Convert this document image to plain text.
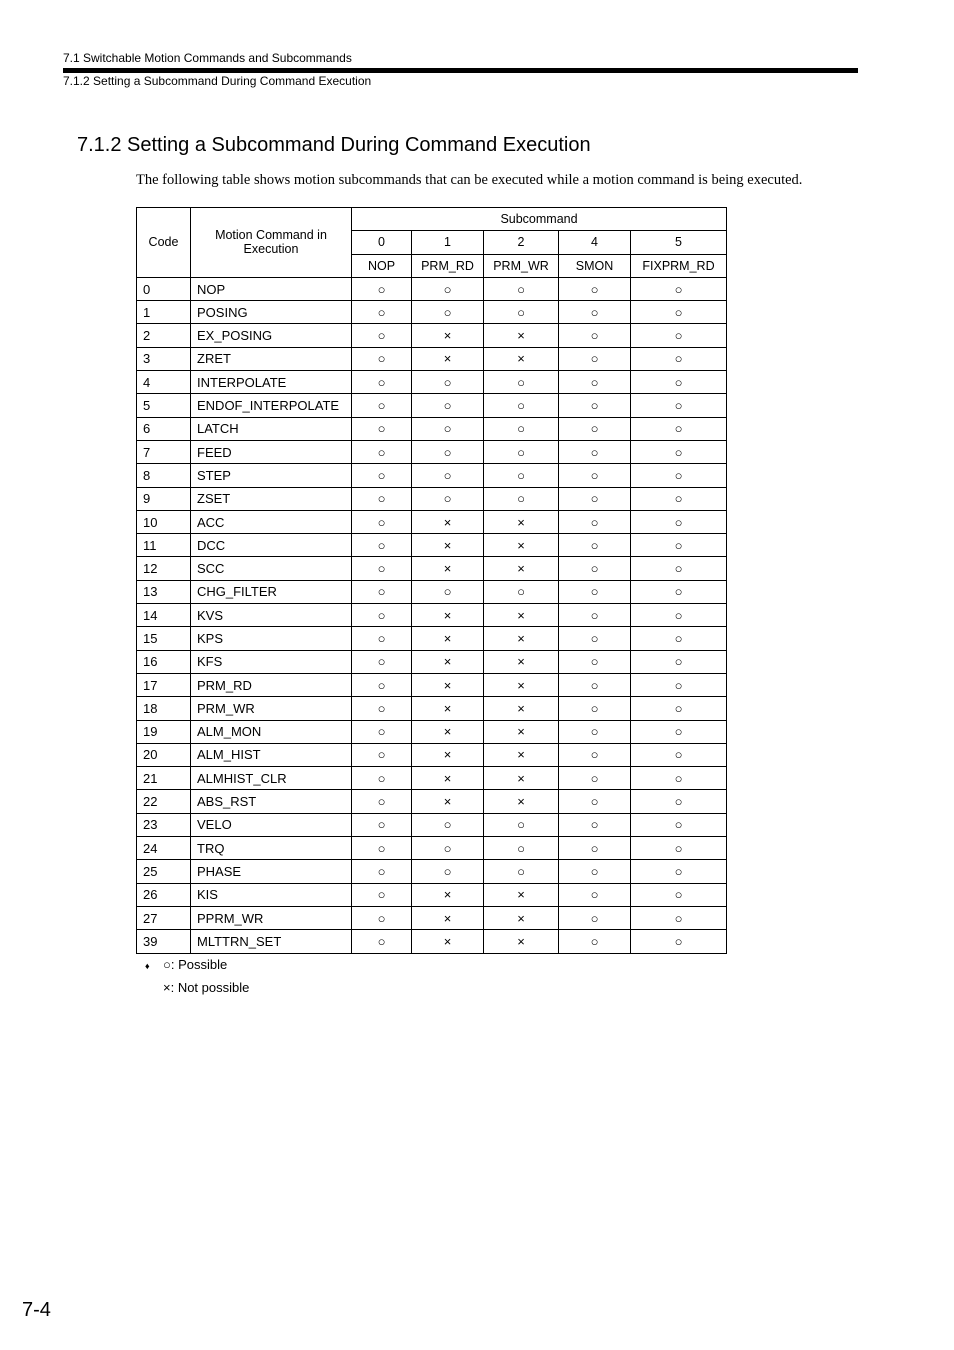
7.1 Switchable Motion Commands and Subcommands
7.1.2 Setting a Subcommand During Command Execution
7.1.2 Setting a Subcommand During Command Execution

The following table shows motion subcommands that can be executed while a motion command is being executed.

Code	Motion Command in Execution	Subcommand				
		0	1	2	4	5
		NOP	PRM_RD	PRM_WR	SMON	FIXPRM_RD
0	NOP	○	○	○	○	○
1	POSING	○	○	○	○	○
2	EX_POSING	○	×	×	○	○
3	ZRET	○	×	×	○	○
4	INTERPOLATE	○	○	○	○	○
5	ENDOF_INTERPOLATE	○	○	○	○	○
6	LATCH	○	○	○	○	○
7	FEED	○	○	○	○	○
8	STEP	○	○	○	○	○
9	ZSET	○	○	○	○	○
10	ACC	○	×	×	○	○
11	DCC	○	×	×	○	○
12	SCC	○	×	×	○	○
13	CHG_FILTER	○	○	○	○	○
14	KVS	○	×	×	○	○
15	KPS	○	×	×	○	○
16	KFS	○	×	×	○	○
17	PRM_RD	○	×	×	○	○
18	PRM_WR	○	×	×	○	○
19	ALM_MON	○	×	×	○	○
20	ALM_HIST	○	×	×	○	○
21	ALMHIST_CLR	○	×	×	○	○
22	ABS_RST	○	×	×	○	○
23	VELO	○	○	○	○	○
24	TRQ	○	○	○	○	○
25	PHASE	○	○	○	○	○
26	KIS	○	×	×	○	○
27	PPRM_WR	○	×	×	○	○
39	MLTTRN_SET	○	×	×	○	○
♦ ○: Possible
×: Not possible
7-4
